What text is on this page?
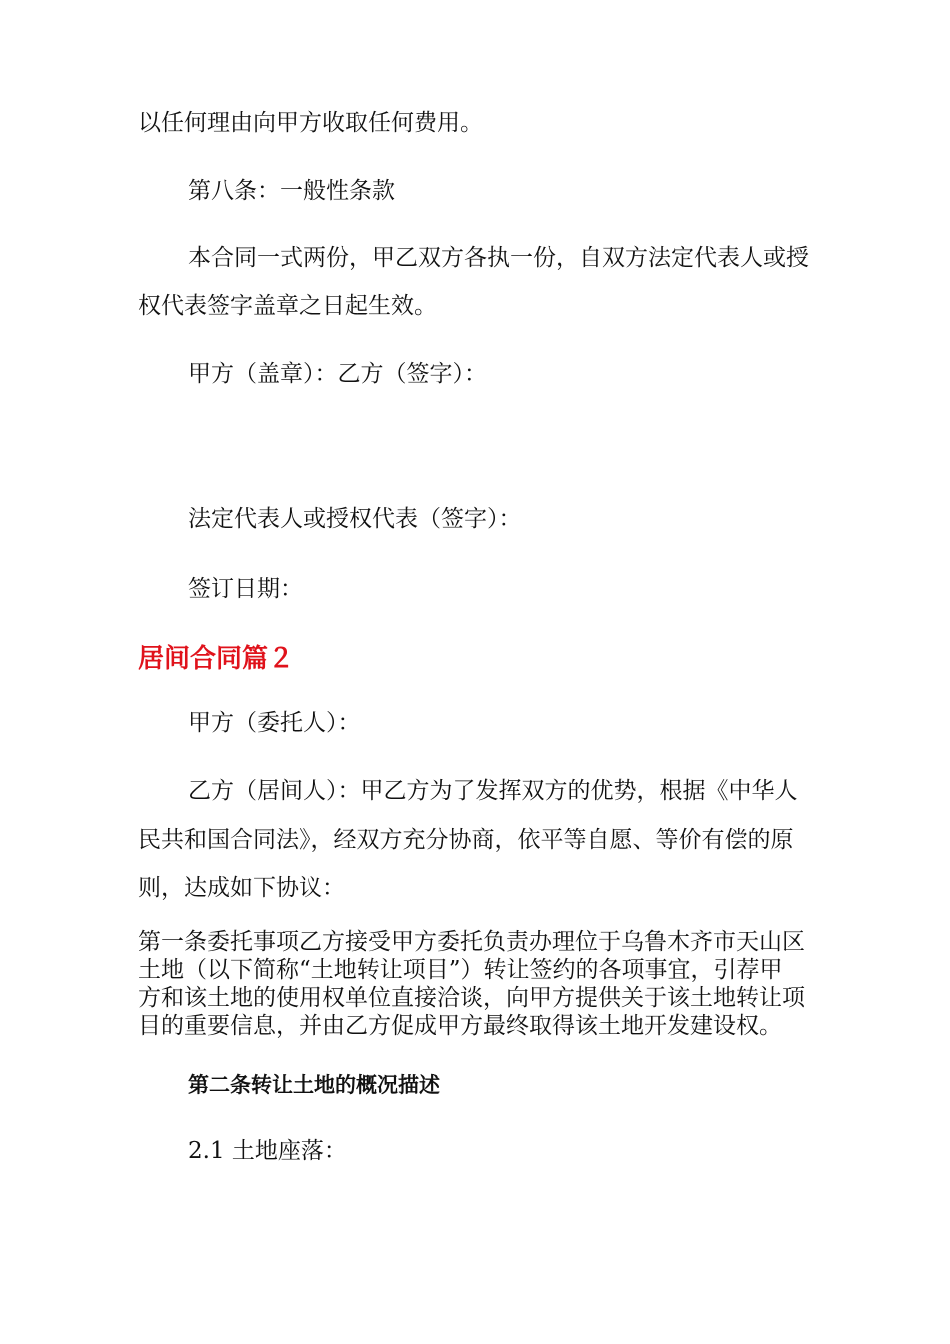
以任何理由向甲方收取任何费用。
第八条：一般性条款
本合同一式两份，甲乙双方各执一份，自双方法定代表人或授
权代表签字盖章之日起生效。
甲方（盖章）：乙方（签字）：
法定代表人或授权代表（签字）：
签订日期：
居间合同篇２
甲方（委托人）：
乙方（居间人）：甲乙方为了发挥双方的优势，根据《中华人
民共和国合同法》，经双方充分协商，依平等自愿、等价有偿的原
则，达成如下协议：
第一条委托事项乙方接受甲方委托负责办理位于乌鲁木齐市天山区
土地（以下简称“土地转让项目”）转让签约的各项事宜，引荐甲
方和该土地的使用权单位直接洽谈，向甲方提供关于该土地转让项
目的重要信息，并由乙方促成甲方最终取得该土地开发建设权。
第二条转让土地的概况描述
2.1 土地座落：
